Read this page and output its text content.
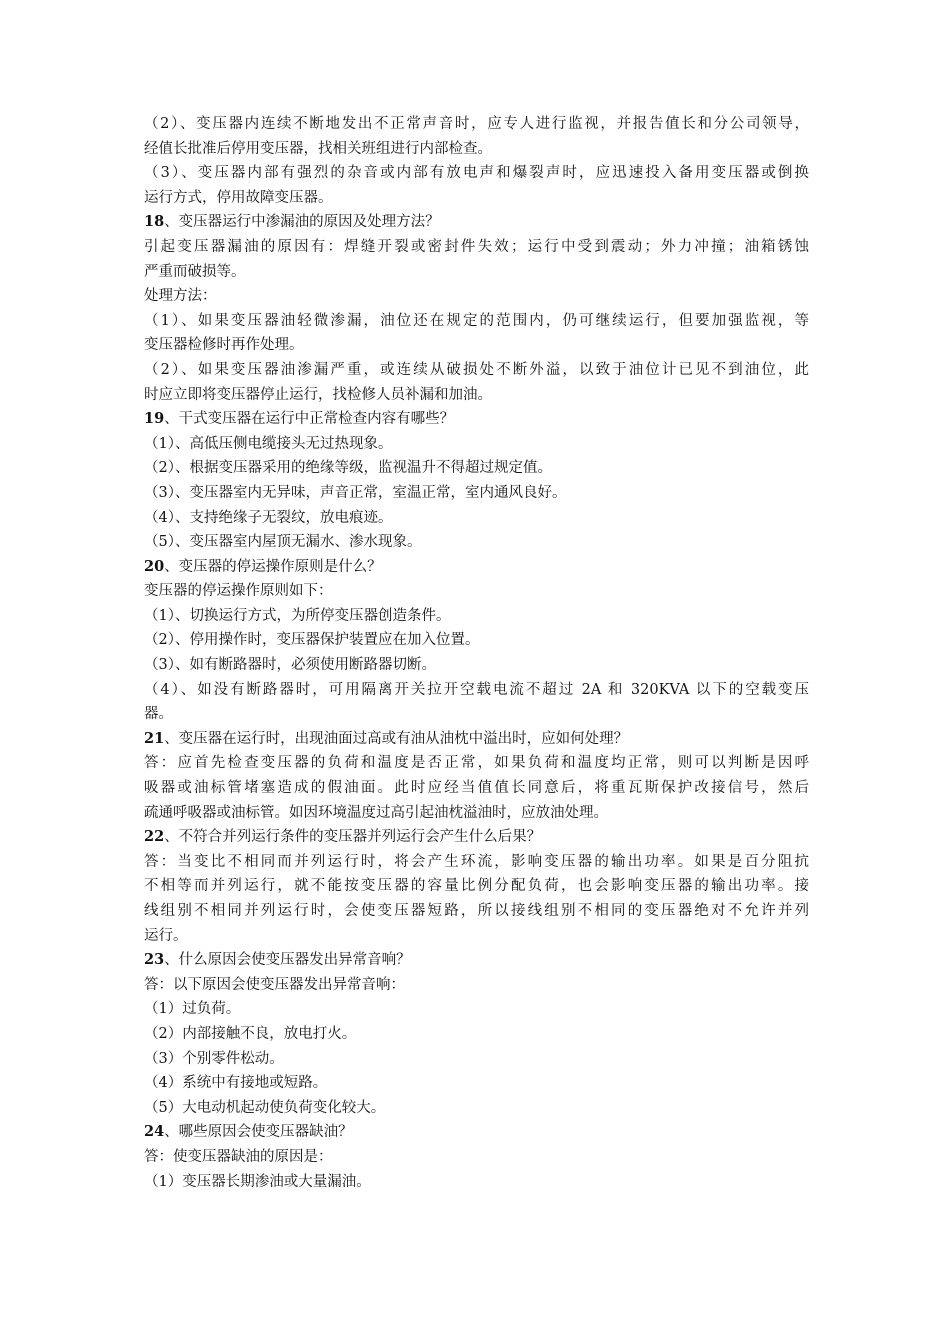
（2）、变压器内连续不断地发出不正常声音时，应专人进行监视，并报告值长和分公司领导，
经值长批准后停用变压器，找相关班组进行内部检查。
（3）、变压器内部有强烈的杂音或内部有放电声和爆裂声时，应迅速投入备用变压器或倒换
运行方式，停用故障变压器。
18、变压器运行中渗漏油的原因及处理方法？
引起变压器漏油的原因有：焊缝开裂或密封件失效；运行中受到震动；外力冲撞；油箱锈蚀
严重而破损等。
处理方法：
（1）、如果变压器油轻微渗漏，油位还在规定的范围内，仍可继续运行，但要加强监视，等
变压器检修时再作处理。
（2）、如果变压器油渗漏严重，或连续从破损处不断外溢，以致于油位计已见不到油位，此
时应立即将变压器停止运行，找检修人员补漏和加油。
19、干式变压器在运行中正常检查内容有哪些？
（1）、高低压侧电缆接头无过热现象。
（2）、根据变压器采用的绝缘等级，监视温升不得超过规定值。
（3）、变压器室内无异味，声音正常，室温正常，室内通风良好。
（4）、支持绝缘子无裂纹，放电痕迹。
（5）、变压器室内屋顶无漏水、渗水现象。
20、变压器的停运操作原则是什么？
变压器的停运操作原则如下：
（1）、切换运行方式，为所停变压器创造条件。
（2）、停用操作时，变压器保护装置应在加入位置。
（3）、如有断路器时，必须使用断路器切断。
（4）、如没有断路器时，可用隔离开关拉开空载电流不超过 2A 和 320KVA 以下的空载变压
器。
21、变压器在运行时，出现油面过高或有油从油枕中溢出时，应如何处理？
答：应首先检查变压器的负荷和温度是否正常，如果负荷和温度均正常，则可以判断是因呼
吸器或油标管堵塞造成的假油面。此时应经当值值长同意后，将重瓦斯保护改接信号，然后
疏通呼吸器或油标管。如因环境温度过高引起油枕溢油时，应放油处理。
22、不符合并列运行条件的变压器并列运行会产生什么后果？
答：当变比不相同而并列运行时，将会产生环流，影响变压器的输出功率。如果是百分阻抗
不相等而并列运行，就不能按变压器的容量比例分配负荷，也会影响变压器的输出功率。接
线组别不相同并列运行时，会使变压器短路，所以接线组别不相同的变压器绝对不允许并列
运行。
23、什么原因会使变压器发出异常音响？
答：以下原因会使变压器发出异常音响：
（1）过负荷。
（2）内部接触不良，放电打火。
（3）个别零件松动。
（4）系统中有接地或短路。
（5）大电动机起动使负荷变化较大。
24、哪些原因会使变压器缺油？
答：使变压器缺油的原因是：
（1）变压器长期渗油或大量漏油。
